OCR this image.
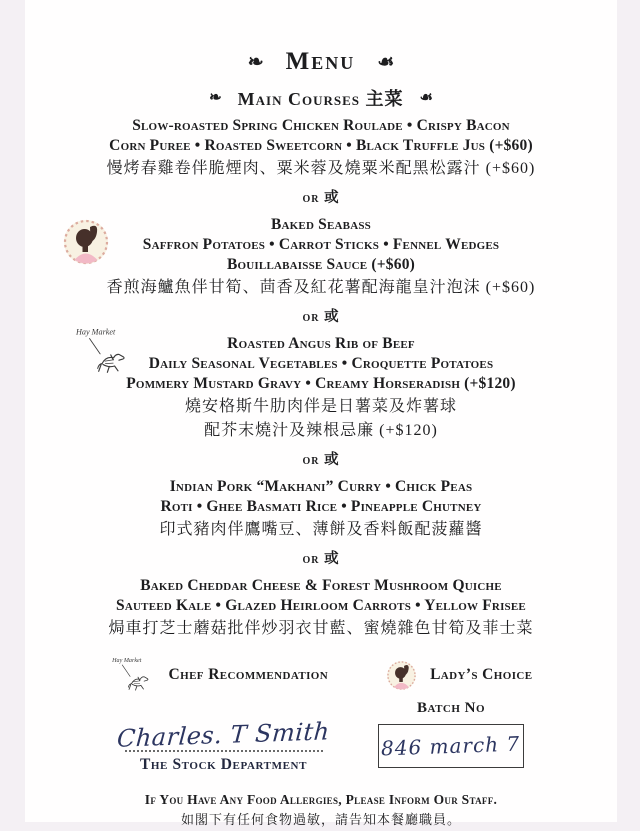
❧ Menu ☙
❧ Main Courses 主菜 ☙
Slow-roasted Spring Chicken Roulade • Crispy Bacon
Corn Puree • Roasted Sweetcorn • Black Truffle Jus (+$60)
慢烤春雞卷伴脆煙肉、粟米蓉及燒粟米配黑松露汁 (+$60)
or 或
Baked Seabass
Saffron Potatoes • Carrot Sticks • Fennel Wedges
Bouillabaisse Sauce (+$60)
香煎海鱸魚伴甘筍、茴香及紅花薯配海龍皇汁泡沫 (+$60)
or 或
Hay Market
Roasted Angus Rib of Beef
Daily Seasonal Vegetables • Croquette Potatoes
Pommery Mustard Gravy • Creamy Horseradish (+$120)
燒安格斯牛肋肉伴是日薯菜及炸薯球
配芥末燒汁及辣根忌廉 (+$120)
or 或
Indian Pork “Makhani” Curry • Chick Peas
Roti • Ghee Basmati Rice • Pineapple Chutney
印式豬肉伴鷹嘴豆、薄餅及香料飯配菠蘿醬
or 或
Baked Cheddar Cheese & Forest Mushroom Quiche
Sauteed Kale • Glazed Heirloom Carrots • Yellow Frisee
焗車打芝士蘑菇批伴炒羽衣甘藍、蜜燒雜色甘筍及菲士菜
Hay Market
Chef Recommendation	Lady’s Choice
Charles. T Smith
The Stock Department
Batch No
846 march 7
If You Have Any Food Allergies, Please Inform Our Staff.
如閣下有任何食物過敏，請告知本餐廳職員。
